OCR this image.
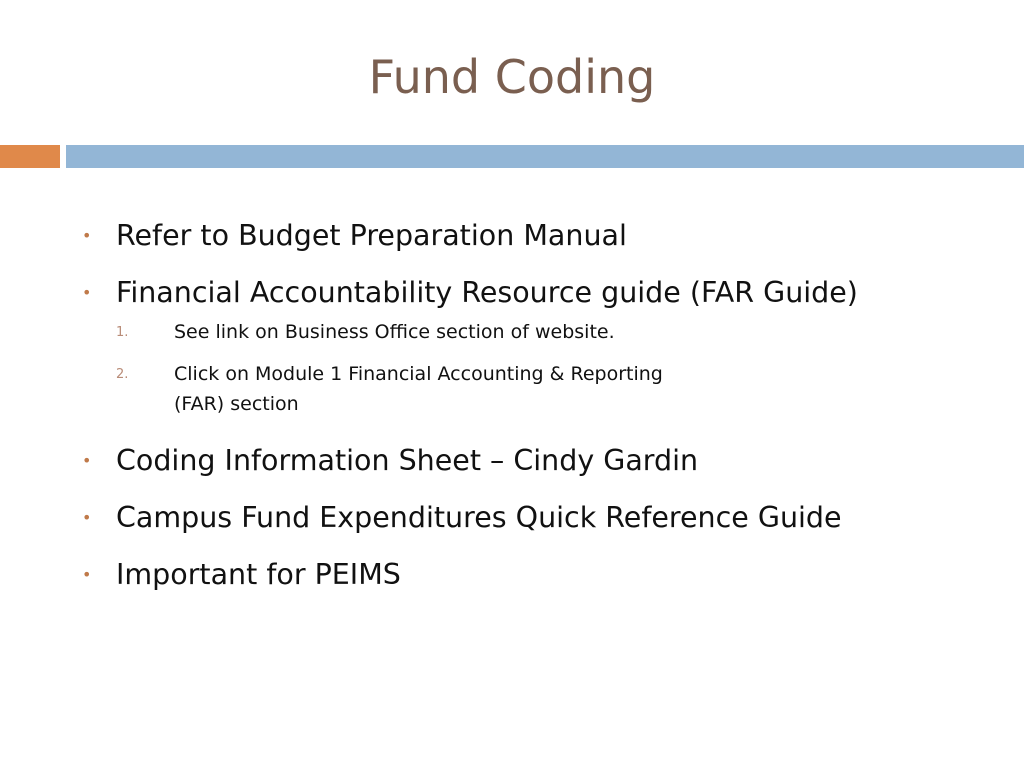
Fund Coding
• Refer to Budget Preparation Manual
• Financial Accountability Resource guide (FAR Guide)
1. See link on Business Office section of website.
2. Click on Module 1 Financial Accounting & Reporting
(FAR) section
• Coding Information Sheet – Cindy Gardin
• Campus Fund Expenditures Quick Reference Guide
• Important for PEIMS
